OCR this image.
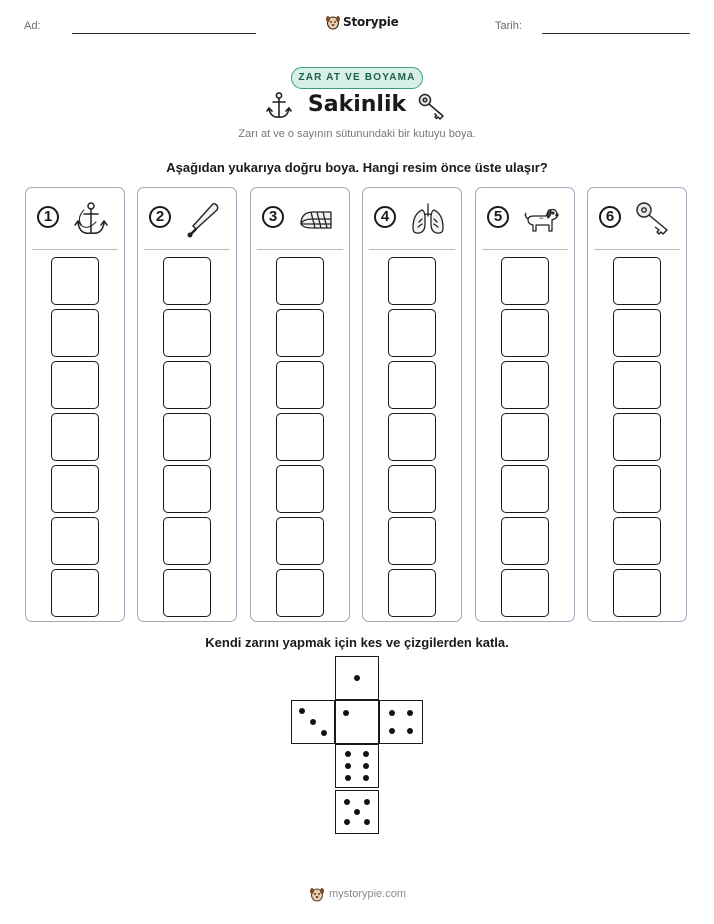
Ad:	Storypie	Tarih:
ZAR AT VE BOYAMA
Sakinlik
Zarı at ve o sayının sütunundaki bir kutuyu boya.
Aşağıdan yukarıya doğru boya. Hangi resim önce üste ulaşır?
1	2	3	4	5	6
Kendi zarını yapmak için kes ve çizgilerden katla.
mystorypie.com
